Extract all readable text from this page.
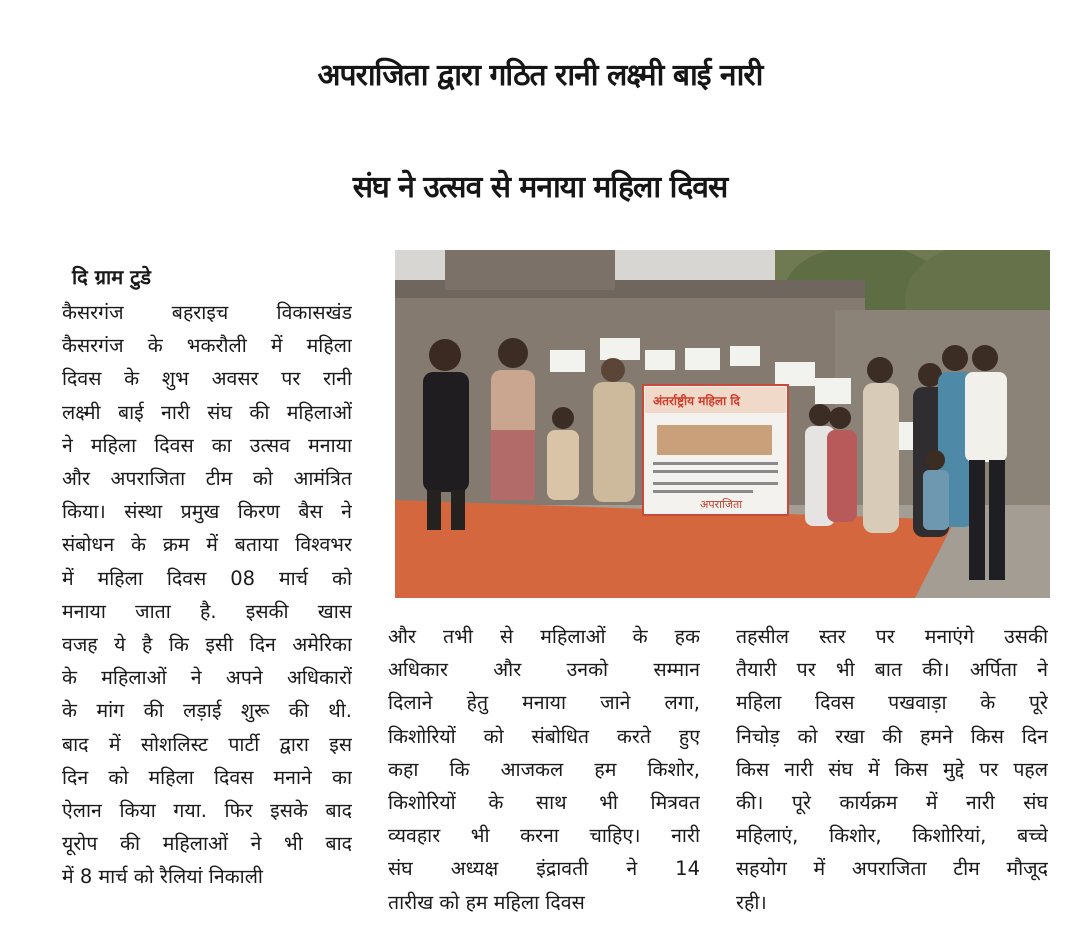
अपराजिता द्वारा गठित रानी लक्ष्मी बाई नारी
संघ ने उत्सव से मनाया महिला दिवस
दि ग्राम टुडे

कैसरगंज बहराइच विकासखंड

कैसरगंज के भकरौली में महिला

दिवस के शुभ अवसर पर रानी

लक्ष्मी बाई नारी संघ की महिलाओं

ने महिला दिवस का उत्सव मनाया

और अपराजिता टीम को आमंत्रित

किया। संस्था प्रमुख किरण बैस ने

संबोधन के क्रम में बताया विश्वभर

में महिला दिवस 08 मार्च को

मनाया जाता है. इसकी खास

वजह ये है कि इसी दिन अमेरिका

के महिलाओं ने अपने अधिकारों

के मांग की लड़ाई शुरू की थी.

बाद में सोशलिस्ट पार्टी द्वारा इस

दिन को महिला दिवस मनाने का

ऐलान किया गया. फिर इसके बाद

यूरोप की महिलाओं ने भी बाद

में 8 मार्च को रैलियां निकाली

और तभी से महिलाओं के हक

अधिकार और उनको सम्मान

दिलाने हेतु मनाया जाने लगा,

किशोरियों को संबोधित करते हुए

कहा कि आजकल हम किशोर,

किशोरियों के साथ भी मित्रवत

व्यवहार भी करना चाहिए। नारी

संघ अध्यक्ष इंद्रावती ने 14

तारीख को हम महिला दिवस

तहसील स्तर पर मनाएंगे उसकी

तैयारी पर भी बात की। अर्पिता ने

महिला दिवस पखवाड़ा के पूरे

निचोड़ को रखा की हमने किस दिन

किस नारी संघ में किस मुद्दे पर पहल

की। पूरे कार्यक्रम में नारी संघ

महिलाएं, किशोर, किशोरियां, बच्चे

सहयोग में अपराजिता टीम मौजूद

रही।

अंतर्राष्ट्रीय महिला दि
अपराजिता
